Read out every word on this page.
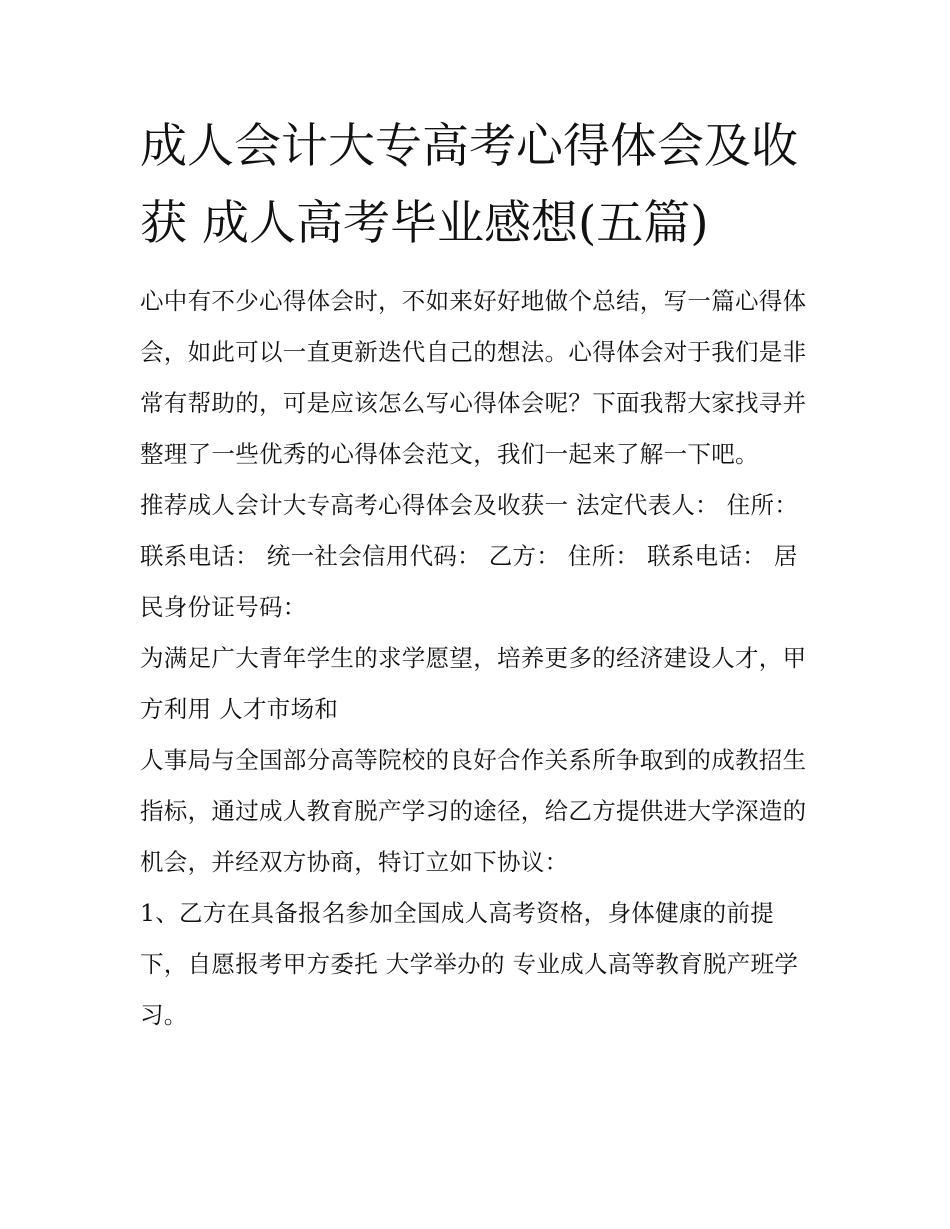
成人会计大专高考心得体会及收获 成人高考毕业感想(五篇)

心中有不少心得体会时，不如来好好地做个总结，写一篇心得体会，如此可以一直更新迭代自己的想法。心得体会对于我们是非常有帮助的，可是应该怎么写心得体会呢？下面我帮大家找寻并整理了一些优秀的心得体会范文，我们一起来了解一下吧。

推荐成人会计大专高考心得体会及收获一 法定代表人： 住所： 联系电话： 统一社会信用代码： 乙方： 住所： 联系电话： 居民身份证号码：

为满足广大青年学生的求学愿望，培养更多的经济建设人才，甲方利用 人才市场和

人事局与全国部分高等院校的良好合作关系所争取到的成教招生指标，通过成人教育脱产学习的途径，给乙方提供进大学深造的机会，并经双方协商，特订立如下协议：

1、乙方在具备报名参加全国成人高考资格，身体健康的前提下，自愿报考甲方委托 大学举办的 专业成人高等教育脱产班学习。
